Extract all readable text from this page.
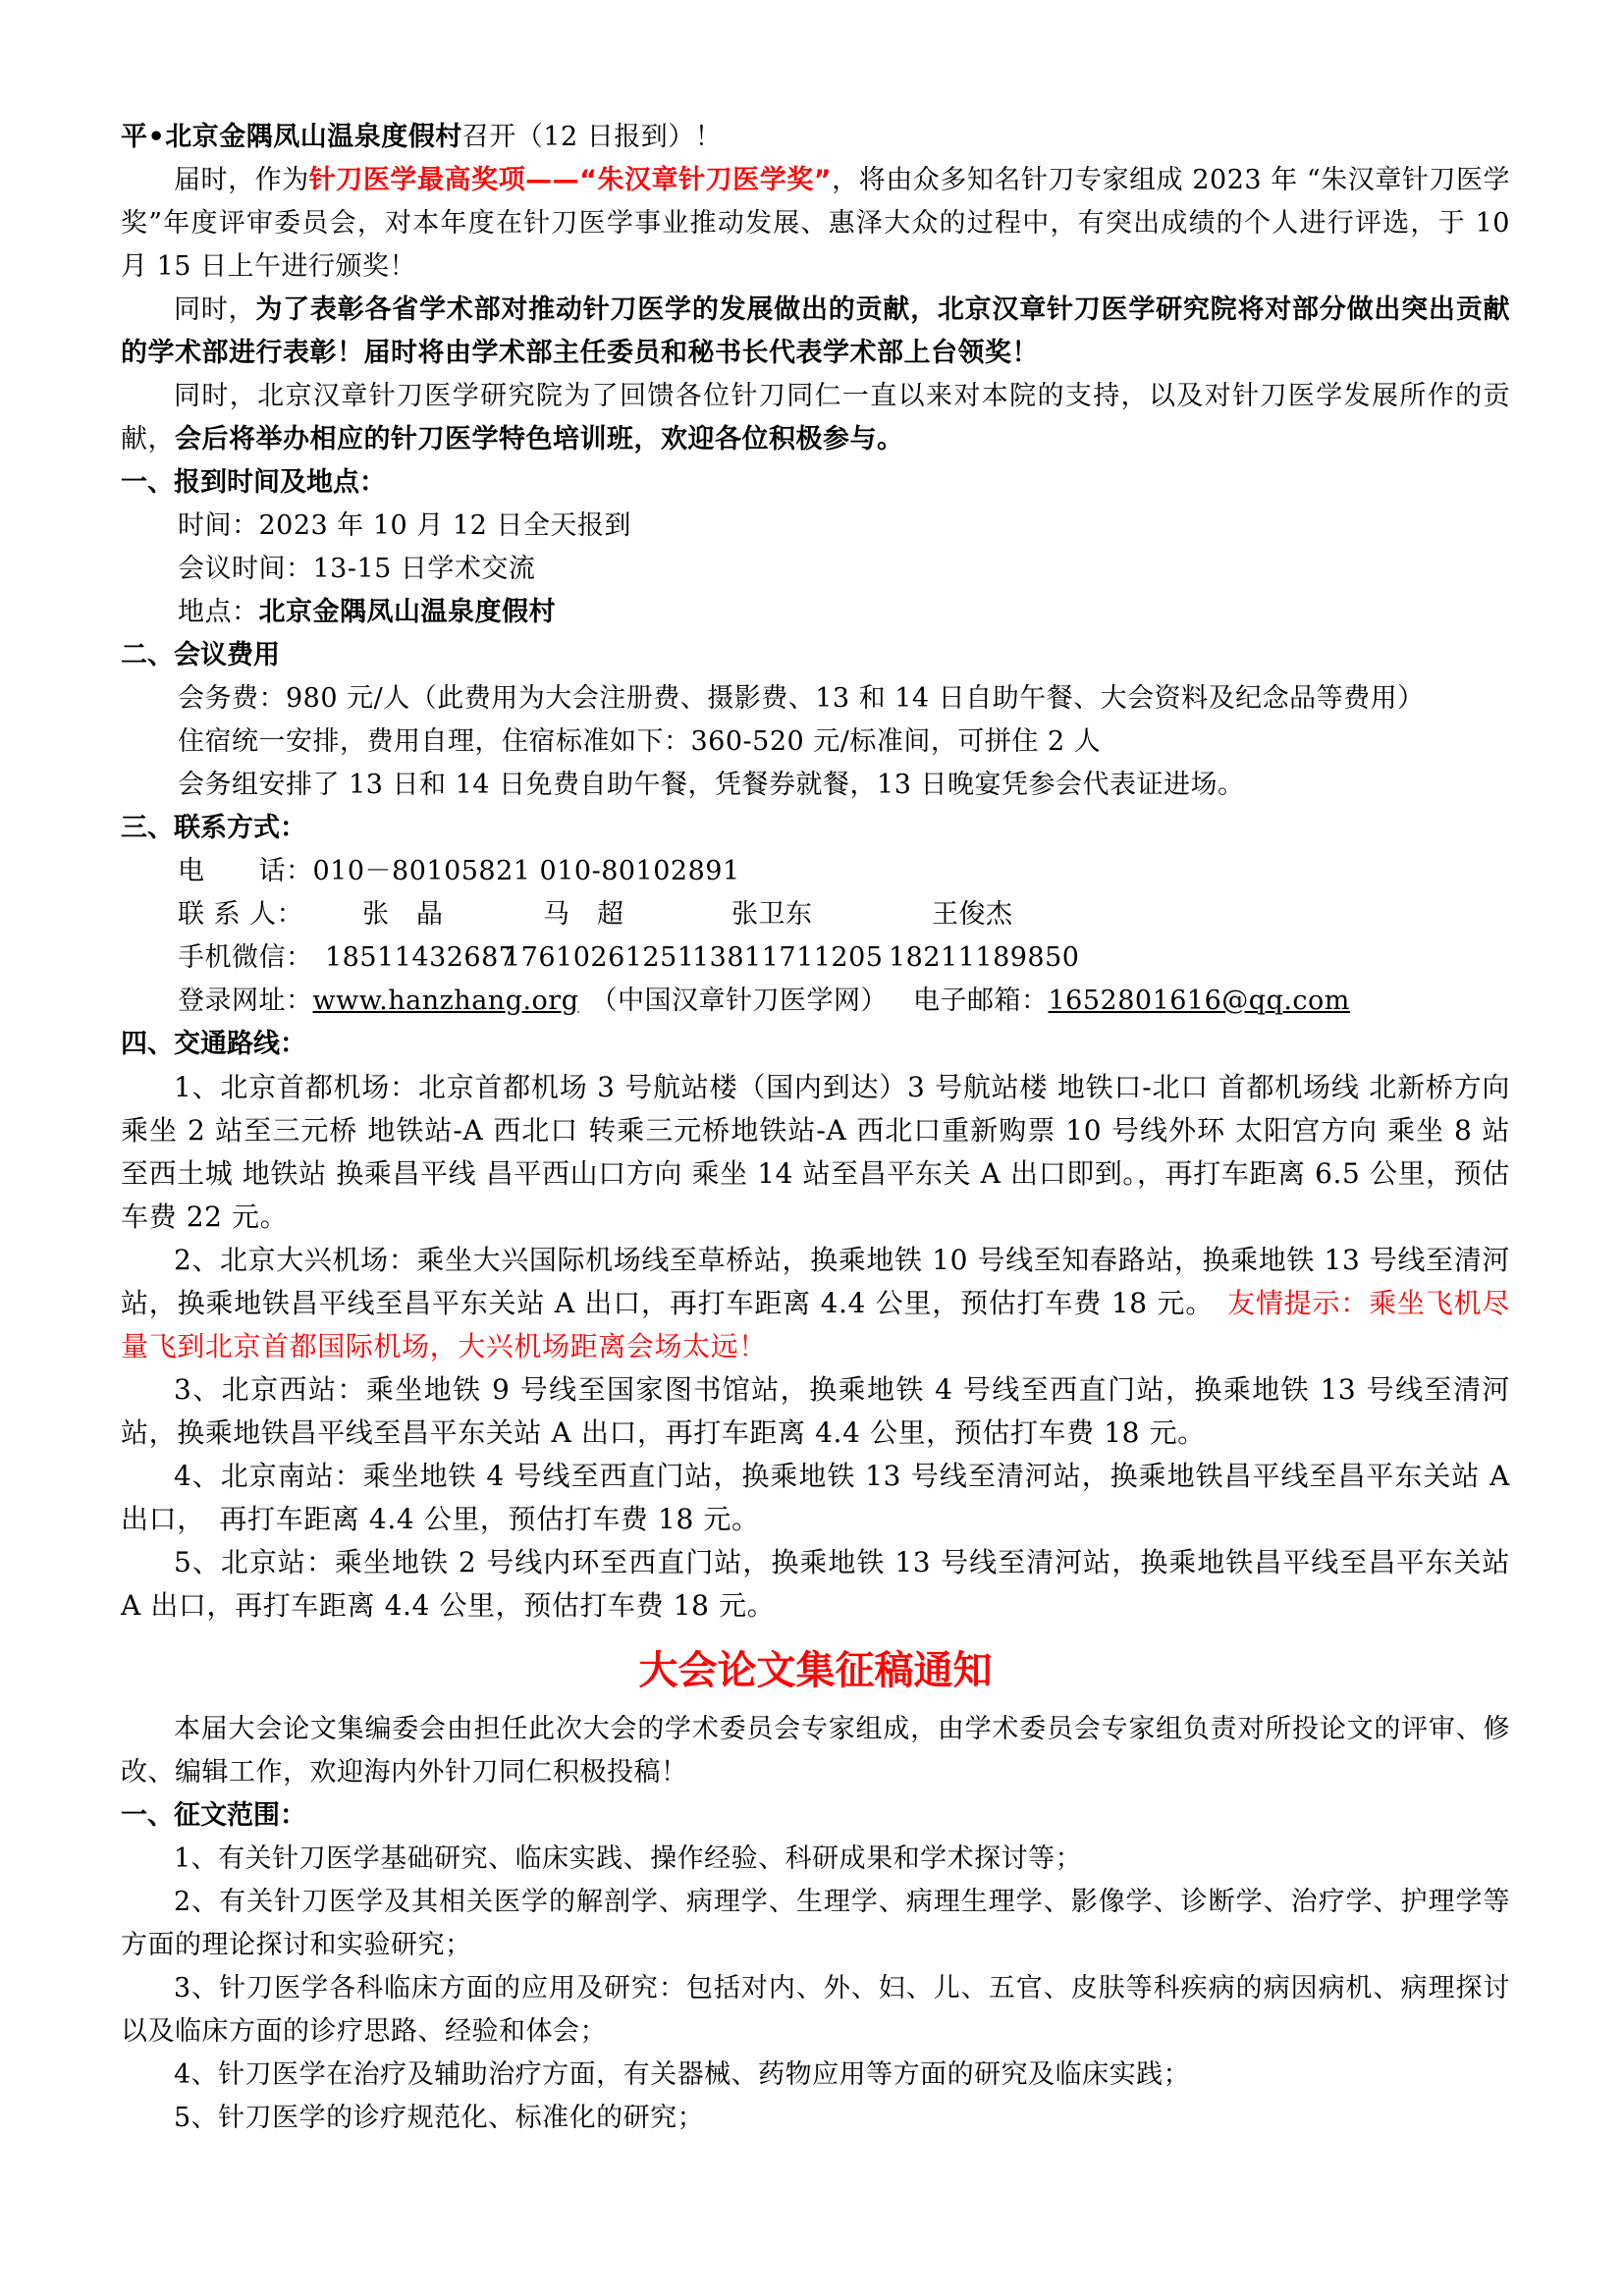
平•北京金隅凤山温泉度假村召开（12 日报到）！

届时，作为针刀医学最高奖项——“朱汉章针刀医学奖”，将由众多知名针刀专家组成 2023 年 “朱汉章针刀医学奖”年度评审委员会，对本年度在针刀医学事业推动发展、惠泽大众的过程中，有突出成绩的个人进行评选，于 10 月 15 日上午进行颁奖！

同时，为了表彰各省学术部对推动针刀医学的发展做出的贡献，北京汉章针刀医学研究院将对部分做出突出贡献的学术部进行表彰！届时将由学术部主任委员和秘书长代表学术部上台领奖！

同时，北京汉章针刀医学研究院为了回馈各位针刀同仁一直以来对本院的支持，以及对针刀医学发展所作的贡献，会后将举办相应的针刀医学特色培训班，欢迎各位积极参与。

一、报到时间及地点：

时间：2023 年 10 月 12 日全天报到

会议时间：13-15 日学术交流

地点：北京金隅凤山温泉度假村

二、会议费用

会务费：980 元/人（此费用为大会注册费、摄影费、13 和 14 日自助午餐、大会资料及纪念品等费用）

住宿统一安排，费用自理，住宿标准如下：360-520 元/标准间，可拼住 2 人

会务组安排了 13 日和 14 日免费自助午餐，凭餐券就餐，13 日晚宴凭参会代表证进场。

三、联系方式：

电　　话：010－80105821 010-80102891

联 系 人： 张　晶	马　超	张卫东	王俊杰

手机微信： 185114326871761026125113811711205 18211189850

登录网址：www.hanzhang.org （中国汉章针刀医学网） 电子邮箱：1652801616@qq.com

四、交通路线：

1、北京首都机场：北京首都机场 3 号航站楼（国内到达）3 号航站楼 地铁口-北口 首都机场线 北新桥方向 乘坐 2 站至三元桥 地铁站-A 西北口 转乘三元桥地铁站-A 西北口重新购票 10 号线外环 太阳宫方向 乘坐 8 站至西土城 地铁站 换乘昌平线 昌平西山口方向 乘坐 14 站至昌平东关 A 出口即到。，再打车距离 6.5 公里，预估车费 22 元。

2、北京大兴机场：乘坐大兴国际机场线至草桥站，换乘地铁 10 号线至知春路站，换乘地铁 13 号线至清河站，换乘地铁昌平线至昌平东关站 A 出口，再打车距离 4.4 公里，预估打车费 18 元。 友情提示：乘坐飞机尽量飞到北京首都国际机场，大兴机场距离会场太远！

3、北京西站：乘坐地铁 9 号线至国家图书馆站，换乘地铁 4 号线至西直门站，换乘地铁 13 号线至清河站，换乘地铁昌平线至昌平东关站 A 出口，再打车距离 4.4 公里，预估打车费 18 元。

4、北京南站：乘坐地铁 4 号线至西直门站，换乘地铁 13 号线至清河站，换乘地铁昌平线至昌平东关站 A 出口，　再打车距离 4.4 公里，预估打车费 18 元。

5、北京站：乘坐地铁 2 号线内环至西直门站，换乘地铁 13 号线至清河站，换乘地铁昌平线至昌平东关站 A 出口，再打车距离 4.4 公里，预估打车费 18 元。

大会论文集征稿通知

本届大会论文集编委会由担任此次大会的学术委员会专家组成，由学术委员会专家组负责对所投论文的评审、修改、编辑工作，欢迎海内外针刀同仁积极投稿！

一、征文范围：

1、有关针刀医学基础研究、临床实践、操作经验、科研成果和学术探讨等；

2、有关针刀医学及其相关医学的解剖学、病理学、生理学、病理生理学、影像学、诊断学、治疗学、护理学等方面的理论探讨和实验研究；

3、针刀医学各科临床方面的应用及研究：包括对内、外、妇、儿、五官、皮肤等科疾病的病因病机、病理探讨以及临床方面的诊疗思路、经验和体会；

4、针刀医学在治疗及辅助治疗方面，有关器械、药物应用等方面的研究及临床实践；

5、针刀医学的诊疗规范化、标准化的研究；
